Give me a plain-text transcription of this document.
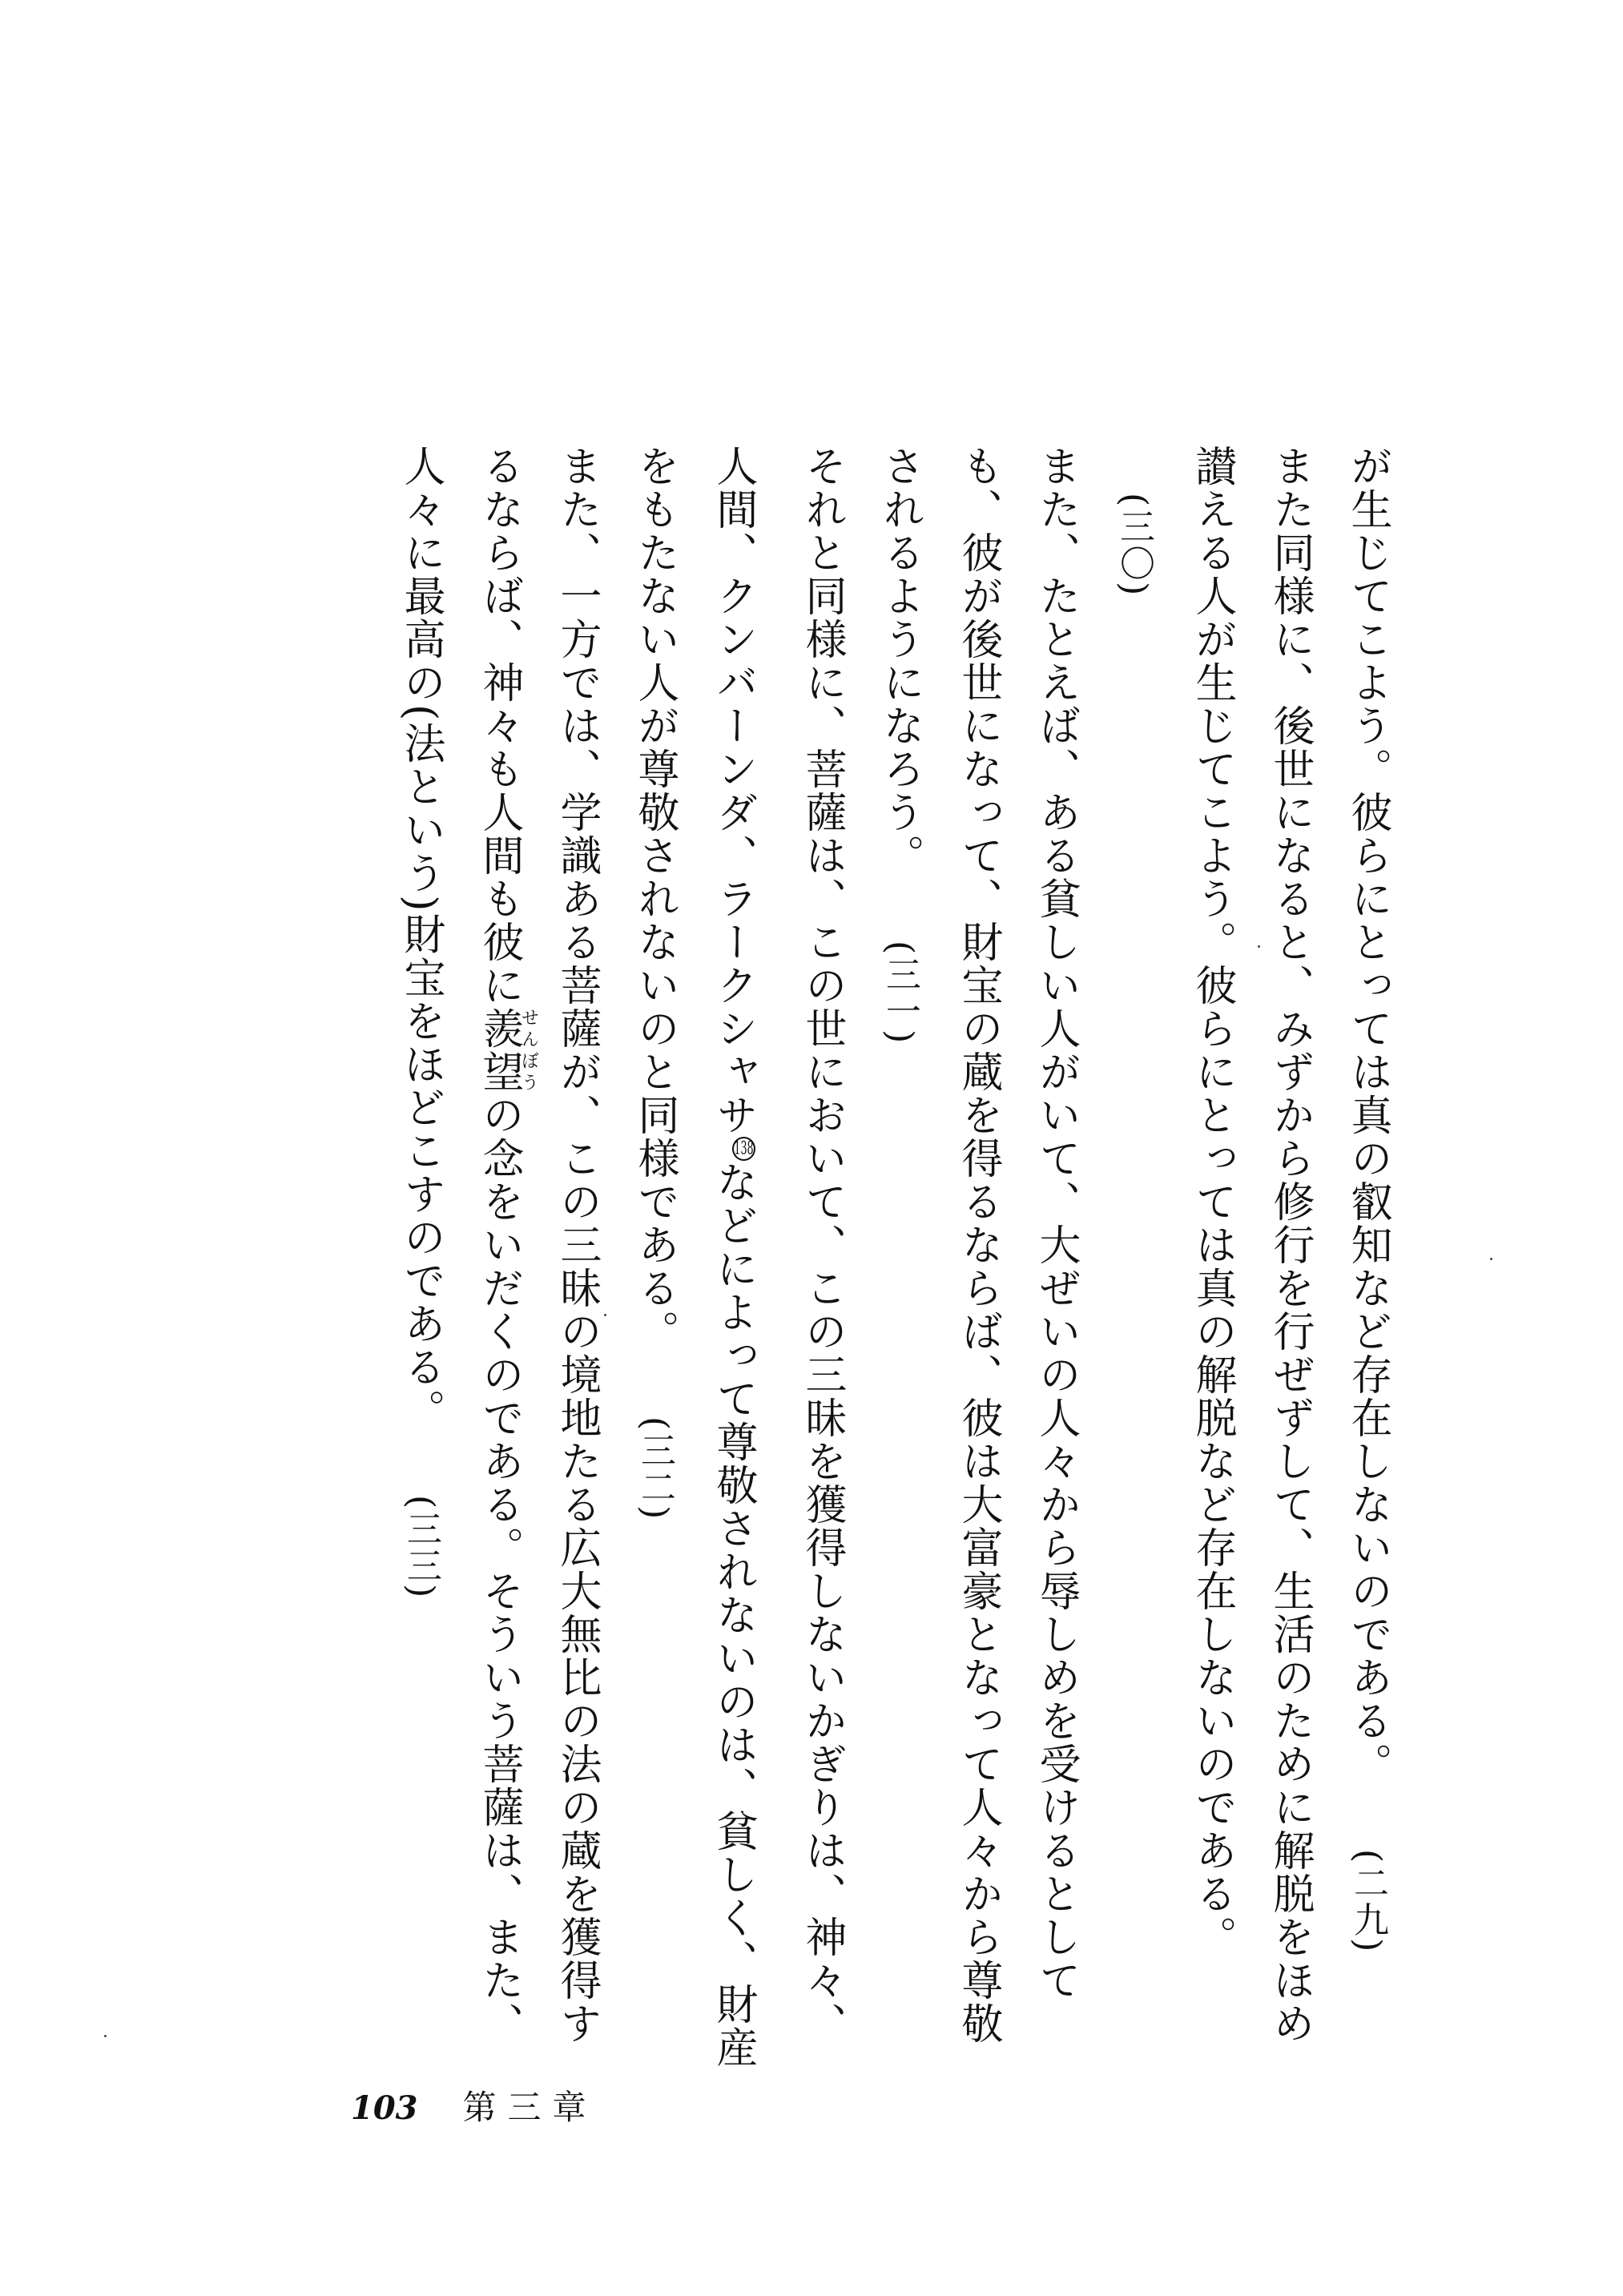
が生じてこよう。彼らにとっては真の叡知など存在しないのである。 (二九)

また同様に、後世になると、みずから修行を行ぜずして、生活のために解脱をほめ讃える人が生じてこよう。彼らにとっては真の解脱など存在しないのである。 (三〇)

また、たとえば、ある貧しい人がいて、大ぜいの人々から辱しめを受けるとしても、彼が後世になって、財宝の蔵を得るならば、彼は大富豪となって人々から尊敬されるようになろう。 (三一)

それと同様に、菩薩は、この世において、この三昧を獲得しないかぎりは、神々、人間、クンバーンダ、ラークシャサ138などによって尊敬されないのは、貧しく、財産をもたない人が尊敬されないのと同様である。 (三二)

また、一方では、学識ある菩薩が、この三昧の境地たる広大無比の法の蔵を獲得するならば、神々も人間も彼に羨望せんぼうの念をいだくのである。そういう菩薩は、また、人々に最高の(法という)財宝をほどこすのである。 (三三)

103 第三章
